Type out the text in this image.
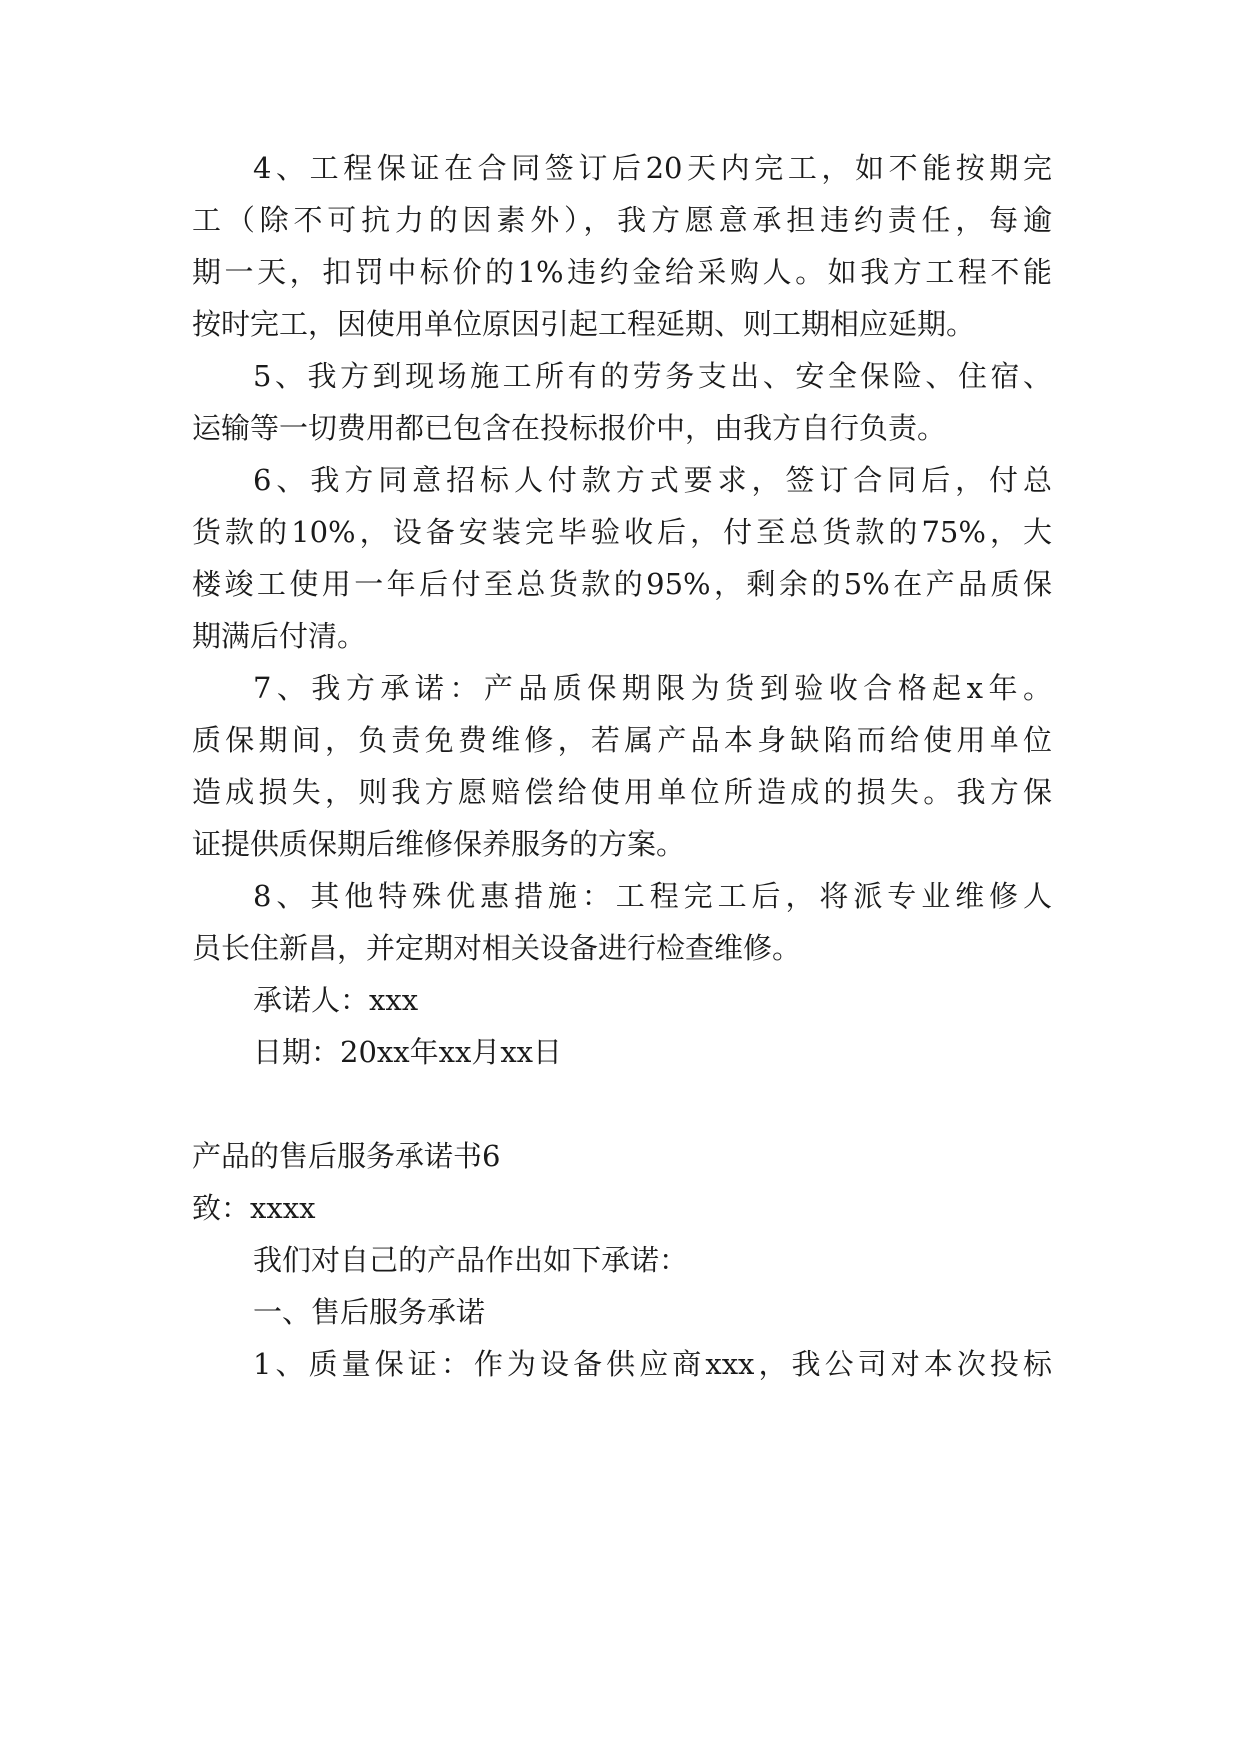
4、工程保证在合同签订后20天内完工，如不能按期完
工（除不可抗力的因素外），我方愿意承担违约责任，每逾
期一天，扣罚中标价的1%违约金给采购人。如我方工程不能
按时完工，因使用单位原因引起工程延期、则工期相应延期。
5、我方到现场施工所有的劳务支出、安全保险、住宿、
运输等一切费用都已包含在投标报价中，由我方自行负责。
6、我方同意招标人付款方式要求，签订合同后，付总
货款的10%，设备安装完毕验收后，付至总货款的75%，大
楼竣工使用一年后付至总货款的95%，剩余的5%在产品质保
期满后付清。
7、我方承诺：产品质保期限为货到验收合格起x年。
质保期间，负责免费维修，若属产品本身缺陷而给使用单位
造成损失，则我方愿赔偿给使用单位所造成的损失。我方保
证提供质保期后维修保养服务的方案。
8、其他特殊优惠措施：工程完工后，将派专业维修人
员长住新昌，并定期对相关设备进行检查维修。
承诺人：xxx
日期：20xx年xx月xx日
产品的售后服务承诺书6
致：xxxx
我们对自己的产品作出如下承诺：
一、售后服务承诺
1、质量保证：作为设备供应商xxx，我公司对本次投标
